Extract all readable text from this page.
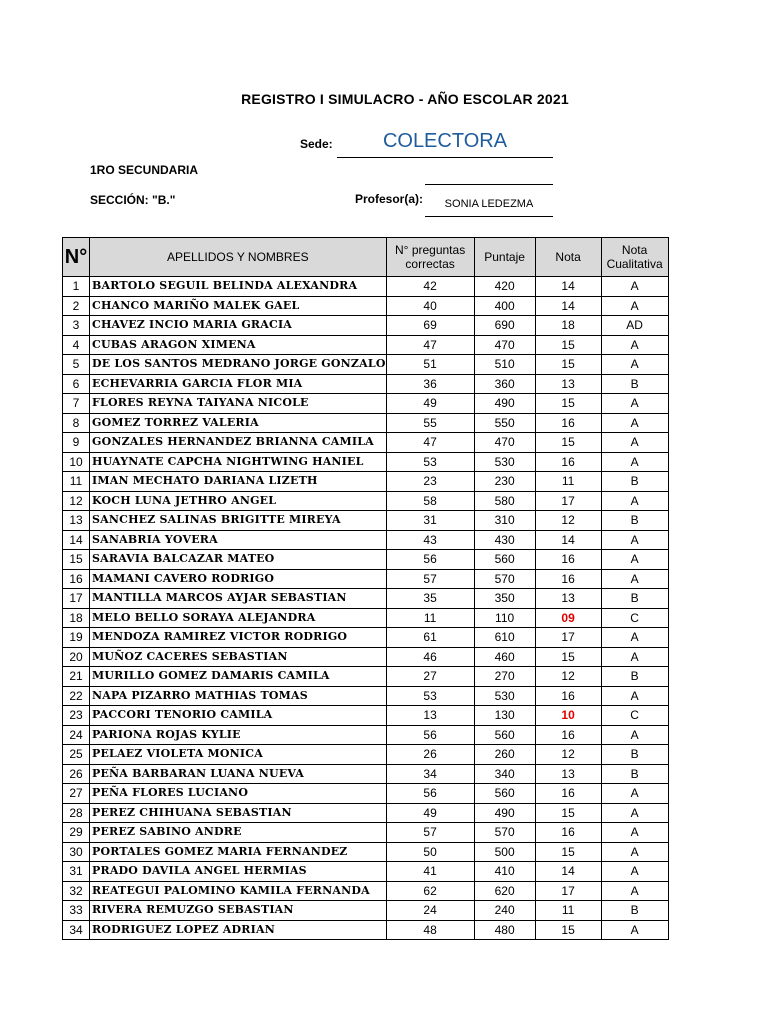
REGISTRO I SIMULACRO - AÑO ESCOLAR 2021
Sede:	COLECTORA
1RO SECUNDARIA
SECCIÓN: "B."	Profesor(a):	SONIA LEDEZMA
N°	APELLIDOS Y NOMBRES	N° preguntas correctas	Puntaje	Nota	Nota Cualitativa
1	BARTOLO SEGUIL BELINDA ALEXANDRA	42	420	14	A
2	CHANCO MARIÑO MALEK GAEL	40	400	14	A
3	CHAVEZ INCIO MARIA GRACIA	69	690	18	AD
4	CUBAS ARAGON XIMENA	47	470	15	A
5	DE LOS SANTOS MEDRANO JORGE GONZALO	51	510	15	A
6	ECHEVARRIA GARCIA FLOR MIA	36	360	13	B
7	FLORES REYNA TAIYANA NICOLE	49	490	15	A
8	GOMEZ TORREZ VALERIA	55	550	16	A
9	GONZALES HERNANDEZ BRIANNA CAMILA	47	470	15	A
10	HUAYNATE CAPCHA NIGHTWING HANIEL	53	530	16	A
11	IMAN MECHATO DARIANA LIZETH	23	230	11	B
12	KOCH LUNA JETHRO ANGEL	58	580	17	A
13	SANCHEZ SALINAS BRIGITTE MIREYA	31	310	12	B
14	SANABRIA YOVERA	43	430	14	A
15	SARAVIA BALCAZAR MATEO	56	560	16	A
16	MAMANI CAVERO RODRIGO	57	570	16	A
17	MANTILLA MARCOS AYJAR SEBASTIAN	35	350	13	B
18	MELO BELLO SORAYA ALEJANDRA	11	110	09	C
19	MENDOZA RAMIREZ VICTOR RODRIGO	61	610	17	A
20	MUÑOZ CACERES SEBASTIAN	46	460	15	A
21	MURILLO GOMEZ DAMARIS CAMILA	27	270	12	B
22	NAPA PIZARRO MATHIAS TOMAS	53	530	16	A
23	PACCORI TENORIO CAMILA	13	130	10	C
24	PARIONA ROJAS KYLIE	56	560	16	A
25	PELAEZ VIOLETA MONICA	26	260	12	B
26	PEÑA BARBARAN LUANA NUEVA	34	340	13	B
27	PEÑA FLORES LUCIANO	56	560	16	A
28	PEREZ CHIHUANA SEBASTIAN	49	490	15	A
29	PEREZ SABINO ANDRE	57	570	16	A
30	PORTALES GOMEZ MARIA FERNANDEZ	50	500	15	A
31	PRADO DAVILA ANGEL HERMIAS	41	410	14	A
32	REATEGUI PALOMINO KAMILA FERNANDA	62	620	17	A
33	RIVERA REMUZGO SEBASTIAN	24	240	11	B
34	RODRIGUEZ LOPEZ ADRIAN	48	480	15	A
